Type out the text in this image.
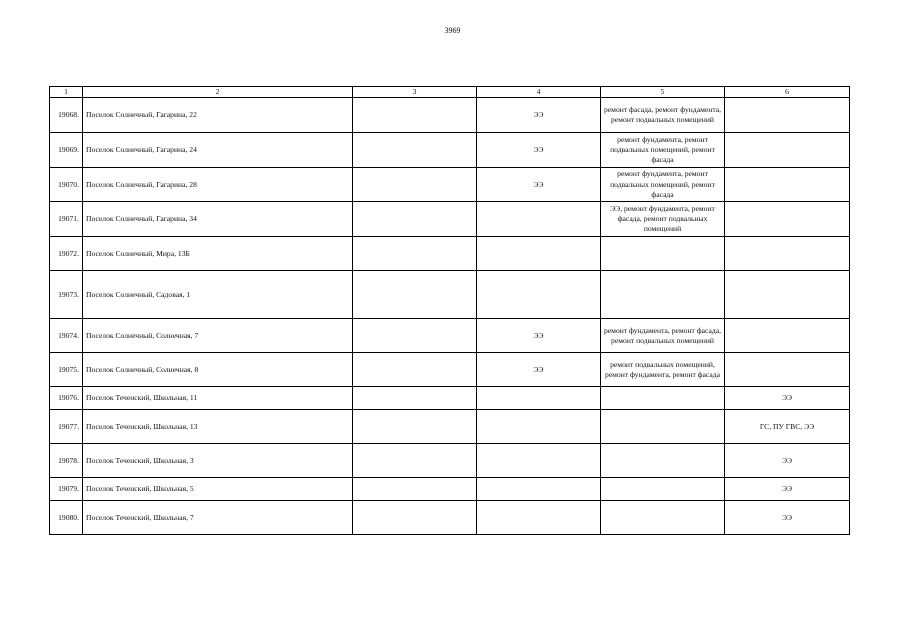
3969
1	2	3	4	5	6
19068.	Поселок Солнечный, Гагарина, 22		ЭЭ	ремонт фасада, ремонт фундамента, ремонт подвальных помещений	
19069.	Поселок Солнечный, Гагарина, 24		ЭЭ	ремонт фундамента, ремонт подвальных помещений, ремонт фасада	
19070.	Поселок Солнечный, Гагарина, 28		ЭЭ	ремонт фундамента, ремонт подвальных помещений, ремонт фасада	
19071.	Поселок Солнечный, Гагарина, 34			ЭЭ, ремонт фундамента, ремонт фасада, ремонт подвальных помещений	
19072.	Поселок Солнечный, Мира, 13Б				
19073.	Поселок Солнечный, Садовая, 1				
19074.	Поселок Солнечный, Солнечная, 7		ЭЭ	ремонт фундамента, ремонт фасада, ремонт подвальных помещений	
19075.	Поселок Солнечный, Солнечная, 8		ЭЭ	ремонт подвальных помещений, ремонт фундамента, ремонт фасада	
19076.	Поселок Теченский, Школьная, 11				ЭЭ
19077.	Поселок Теченский, Школьная, 13				ГС, ПУ ГВС, ЭЭ
19078.	Поселок Теченский, Школьная, 3				ЭЭ
19079.	Поселок Теченский, Школьная, 5				ЭЭ
19080.	Поселок Теченский, Школьная, 7				ЭЭ
